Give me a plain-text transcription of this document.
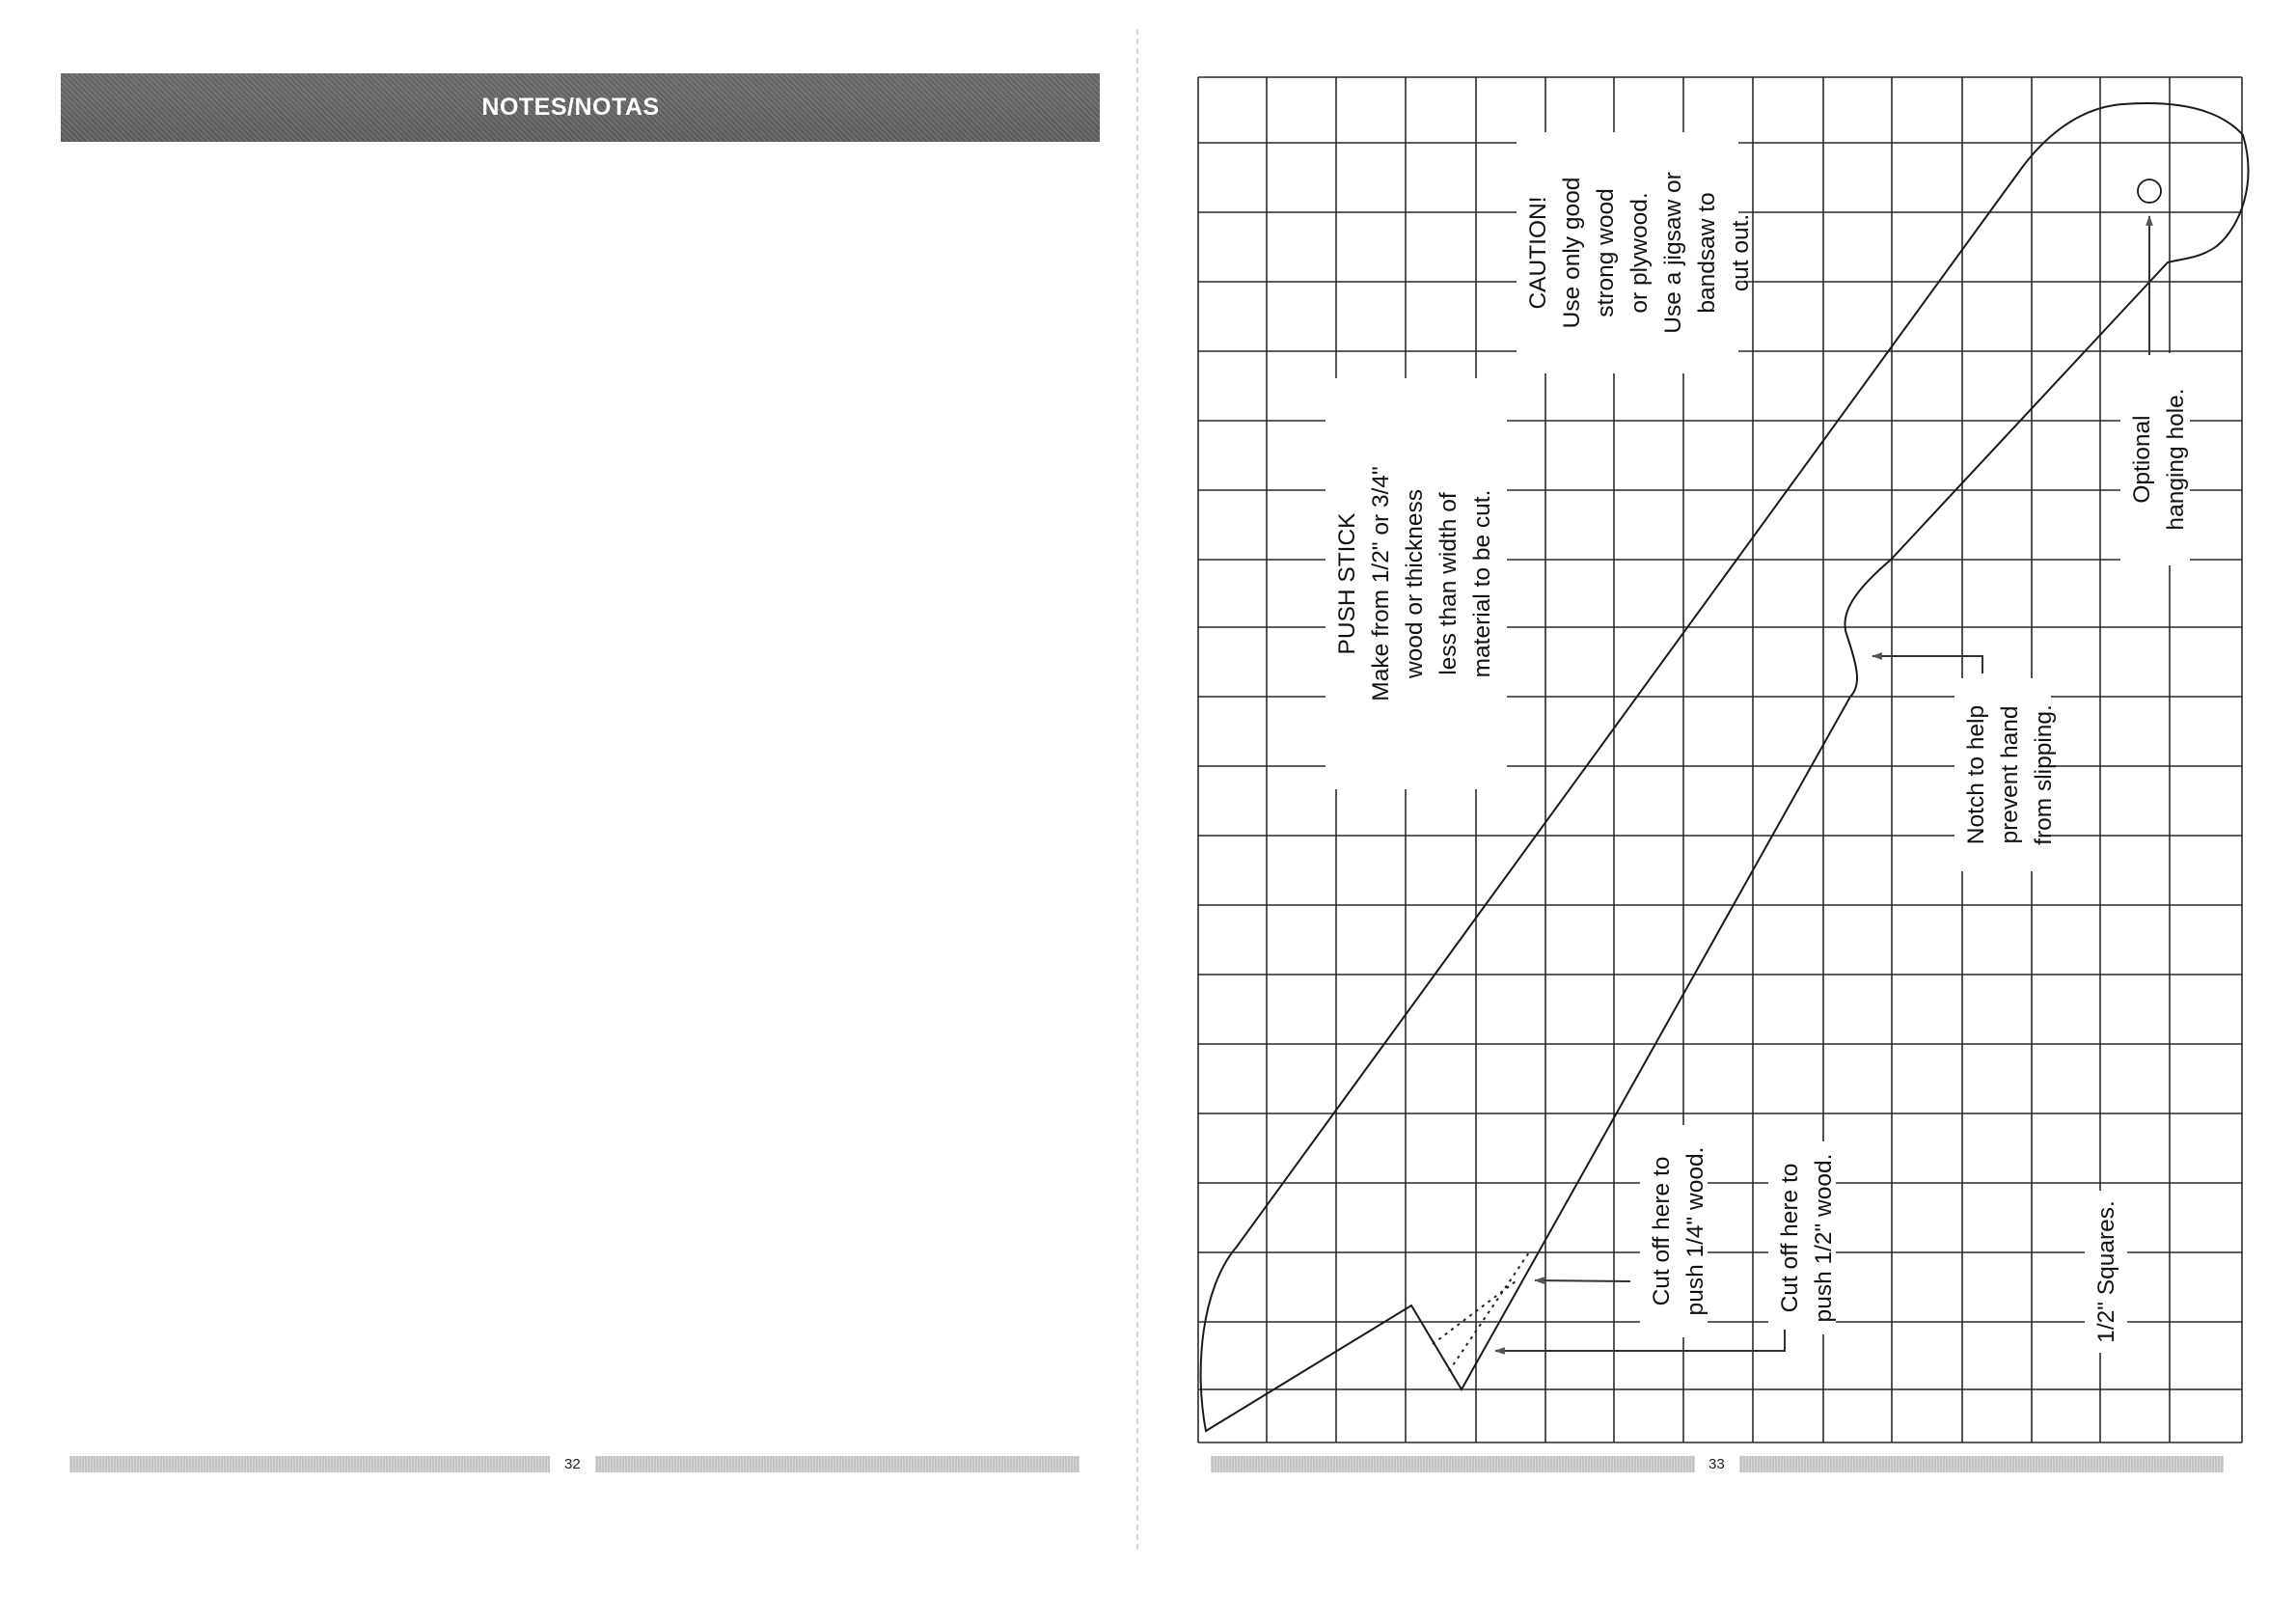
NOTES/NOTAS
32	33
PUSH STICK Make from 1/2" or 3/4" wood or thickness less than width of material to be cut.
CAUTION! Use only good strong wood or plywood. Use a jigsaw or bandsaw to cut out.
Optional hanging hole.
Notch to help prevent hand from slipping.
Cut off here to push 1/4" wood.	Cut off here to push 1/2" wood.	1/2" Squares.
